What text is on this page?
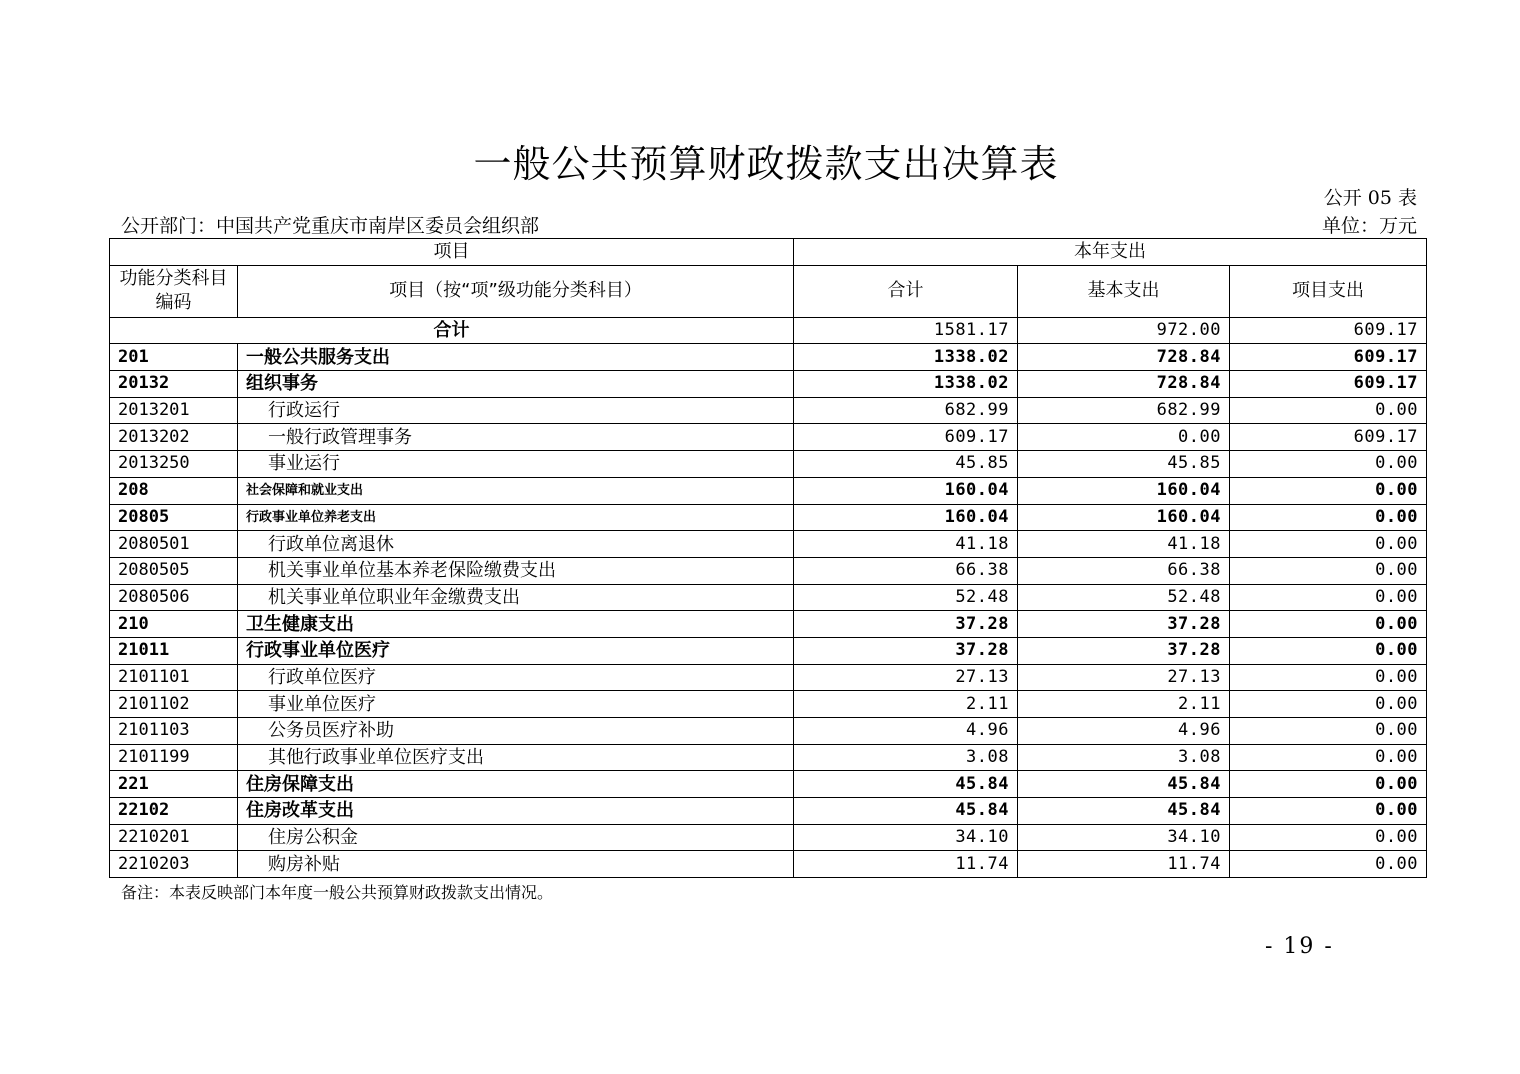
一般公共预算财政拨款支出决算表
公开 05 表
公开部门：中国共产党重庆市南岸区委员会组织部	单位：万元
项目		本年支出		
功能分类科目编码	项目（按“项”级功能分类科目）	合计	基本支出	项目支出
合计		1581.17	972.00	609.17
201	一般公共服务支出	1338.02	728.84	609.17
20132	组织事务	1338.02	728.84	609.17
2013201	行政运行	682.99	682.99	0.00
2013202	一般行政管理事务	609.17	0.00	609.17
2013250	事业运行	45.85	45.85	0.00
208	社会保障和就业支出	160.04	160.04	0.00
20805	行政事业单位养老支出	160.04	160.04	0.00
2080501	行政单位离退休	41.18	41.18	0.00
2080505	机关事业单位基本养老保险缴费支出	66.38	66.38	0.00
2080506	机关事业单位职业年金缴费支出	52.48	52.48	0.00
210	卫生健康支出	37.28	37.28	0.00
21011	行政事业单位医疗	37.28	37.28	0.00
2101101	行政单位医疗	27.13	27.13	0.00
2101102	事业单位医疗	2.11	2.11	0.00
2101103	公务员医疗补助	4.96	4.96	0.00
2101199	其他行政事业单位医疗支出	3.08	3.08	0.00
221	住房保障支出	45.84	45.84	0.00
22102	住房改革支出	45.84	45.84	0.00
2210201	住房公积金	34.10	34.10	0.00
2210203	购房补贴	11.74	11.74	0.00
备注：本表反映部门本年度一般公共预算财政拨款支出情况。
- 19 -
